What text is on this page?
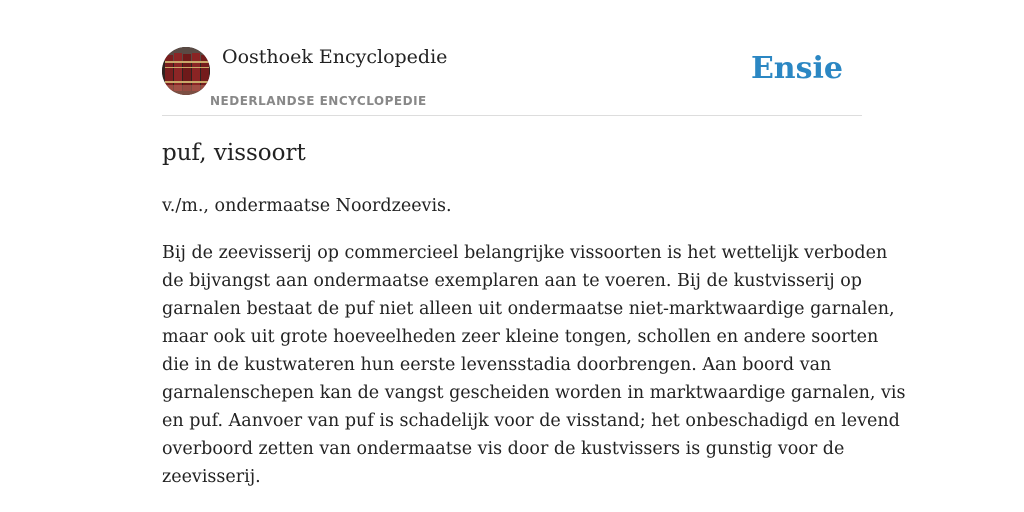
Oosthoek Encyclopedie
NEDERLANDSE ENCYCLOPEDIE
Ensie
puf, vissoort

v./m., ondermaatse Noordzeevis.

Bij de zeevisserij op commercieel belangrijke vissoorten is het wettelijk verboden
de bijvangst aan ondermaatse exemplaren aan te voeren. Bij de kustvisserij op
garnalen bestaat de puf niet alleen uit ondermaatse niet-marktwaardige garnalen,
maar ook uit grote hoeveelheden zeer kleine tongen, schollen en andere soorten
die in de kustwateren hun eerste levensstadia doorbrengen. Aan boord van
garnalenschepen kan de vangst gescheiden worden in marktwaardige garnalen, vis
en puf. Aanvoer van puf is schadelijk voor de visstand; het onbeschadigd en levend
overboord zetten van ondermaatse vis door de kustvissers is gunstig voor de
zeevisserij.
